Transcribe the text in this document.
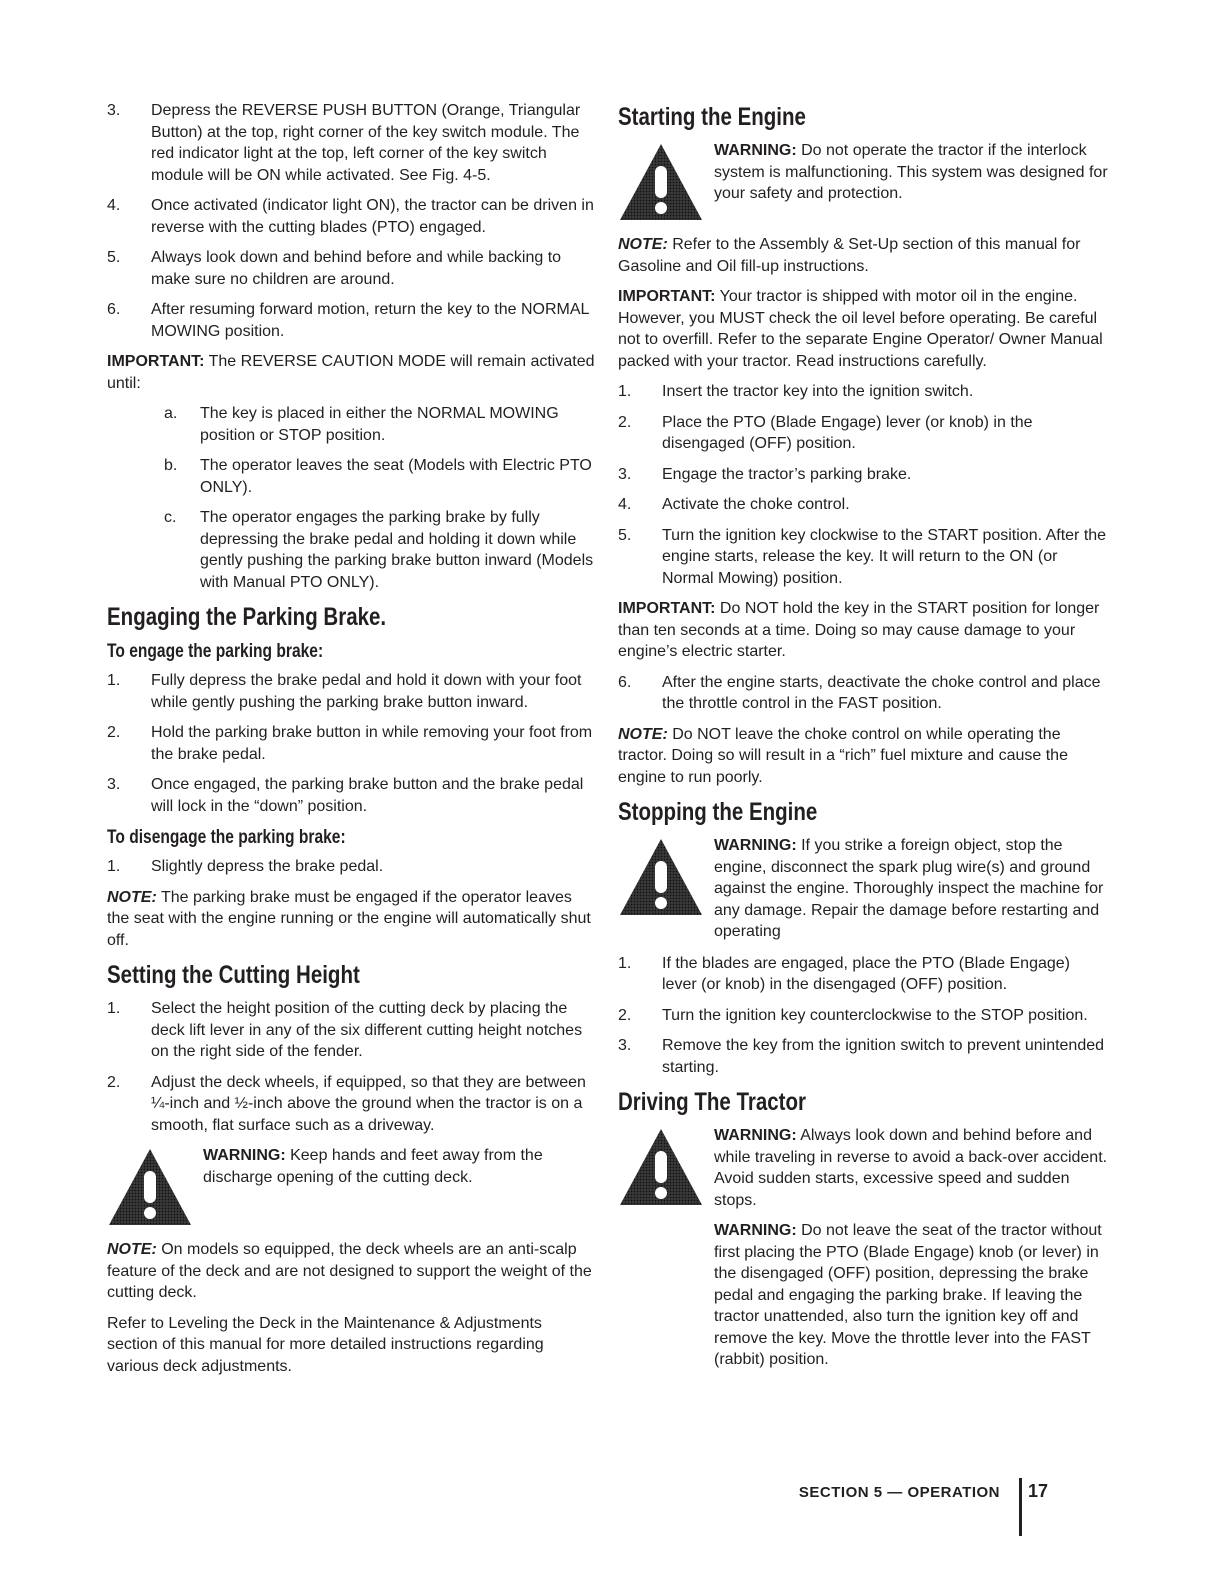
3. Depress the REVERSE PUSH BUTTON (Orange, Triangular Button) at the top, right corner of the key switch module. The red indicator light at the top, left corner of the key switch module will be ON while activated. See Fig. 4-5.
4. Once activated (indicator light ON), the tractor can be driven in reverse with the cutting blades (PTO) engaged.
5. Always look down and behind before and while backing to make sure no children are around.
6. After resuming forward motion, return the key to the NORMAL MOWING position.

IMPORTANT: The REVERSE CAUTION MODE will remain activated until:

a. The key is placed in either the NORMAL MOWING position or STOP position.
b. The operator leaves the seat (Models with Electric PTO ONLY).
c. The operator engages the parking brake by fully depressing the brake pedal and holding it down while gently pushing the parking brake button inward (Models with Manual PTO ONLY).
Engaging the Parking Brake.
To engage the parking brake:
1. Fully depress the brake pedal and hold it down with your foot while gently pushing the parking brake button inward.
2. Hold the parking brake button in while removing your foot from the brake pedal.
3. Once engaged, the parking brake button and the brake pedal will lock in the “down” position.
To disengage the parking brake:
1. Slightly depress the brake pedal.

NOTE: The parking brake must be engaged if the operator leaves the seat with the engine running or the engine will automatically shut off.

Setting the Cutting Height
1. Select the height position of the cutting deck by placing the deck lift lever in any of the six different cutting height notches on the right side of the fender.
2. Adjust the deck wheels, if equipped, so that they are between ¼-inch and ½-inch above the ground when the tractor is on a smooth, flat surface such as a driveway.

WARNING: Keep hands and feet away from the discharge opening of the cutting deck.

NOTE: On models so equipped, the deck wheels are an anti-scalp feature of the deck and are not designed to support the weight of the cutting deck.

Refer to Leveling the Deck in the Maintenance & Adjustments section of this manual for more detailed instructions regarding various deck adjustments.

Starting the Engine

WARNING: Do not operate the tractor if the interlock system is malfunctioning. This system was designed for your safety and protection.

NOTE: Refer to the Assembly & Set-Up section of this manual for Gasoline and Oil fill-up instructions.

IMPORTANT: Your tractor is shipped with motor oil in the engine. However, you MUST check the oil level before operating. Be careful not to overfill. Refer to the separate Engine Operator/ Owner Manual packed with your tractor. Read instructions carefully.

1. Insert the tractor key into the ignition switch.
2. Place the PTO (Blade Engage) lever (or knob) in the disengaged (OFF) position.
3. Engage the tractor’s parking brake.
4. Activate the choke control.
5. Turn the ignition key clockwise to the START position. After the engine starts, release the key. It will return to the ON (or Normal Mowing) position.

IMPORTANT: Do NOT hold the key in the START position for longer than ten seconds at a time. Doing so may cause damage to your engine’s electric starter.

6. After the engine starts, deactivate the choke control and place the throttle control in the FAST position.

NOTE: Do NOT leave the choke control on while operating the tractor. Doing so will result in a “rich” fuel mixture and cause the engine to run poorly.

Stopping the Engine

WARNING: If you strike a foreign object, stop the engine, disconnect the spark plug wire(s) and ground against the engine. Thoroughly inspect the machine for any damage. Repair the damage before restarting and operating

1. If the blades are engaged, place the PTO (Blade Engage) lever (or knob) in the disengaged (OFF) position.
2. Turn the ignition key counterclockwise to the STOP position.
3. Remove the key from the ignition switch to prevent unintended starting.
Driving The Tractor

WARNING: Always look down and behind before and while traveling in reverse to avoid a back-over accident. Avoid sudden starts, excessive speed and sudden stops.

WARNING: Do not leave the seat of the tractor without first placing the PTO (Blade Engage) knob (or lever) in the disengaged (OFF) position, depressing the brake pedal and engaging the parking brake. If leaving the tractor unattended, also turn the ignition key off and remove the key. Move the throttle lever into the FAST (rabbit) position.

SECTION 5 — OPERATION 17
